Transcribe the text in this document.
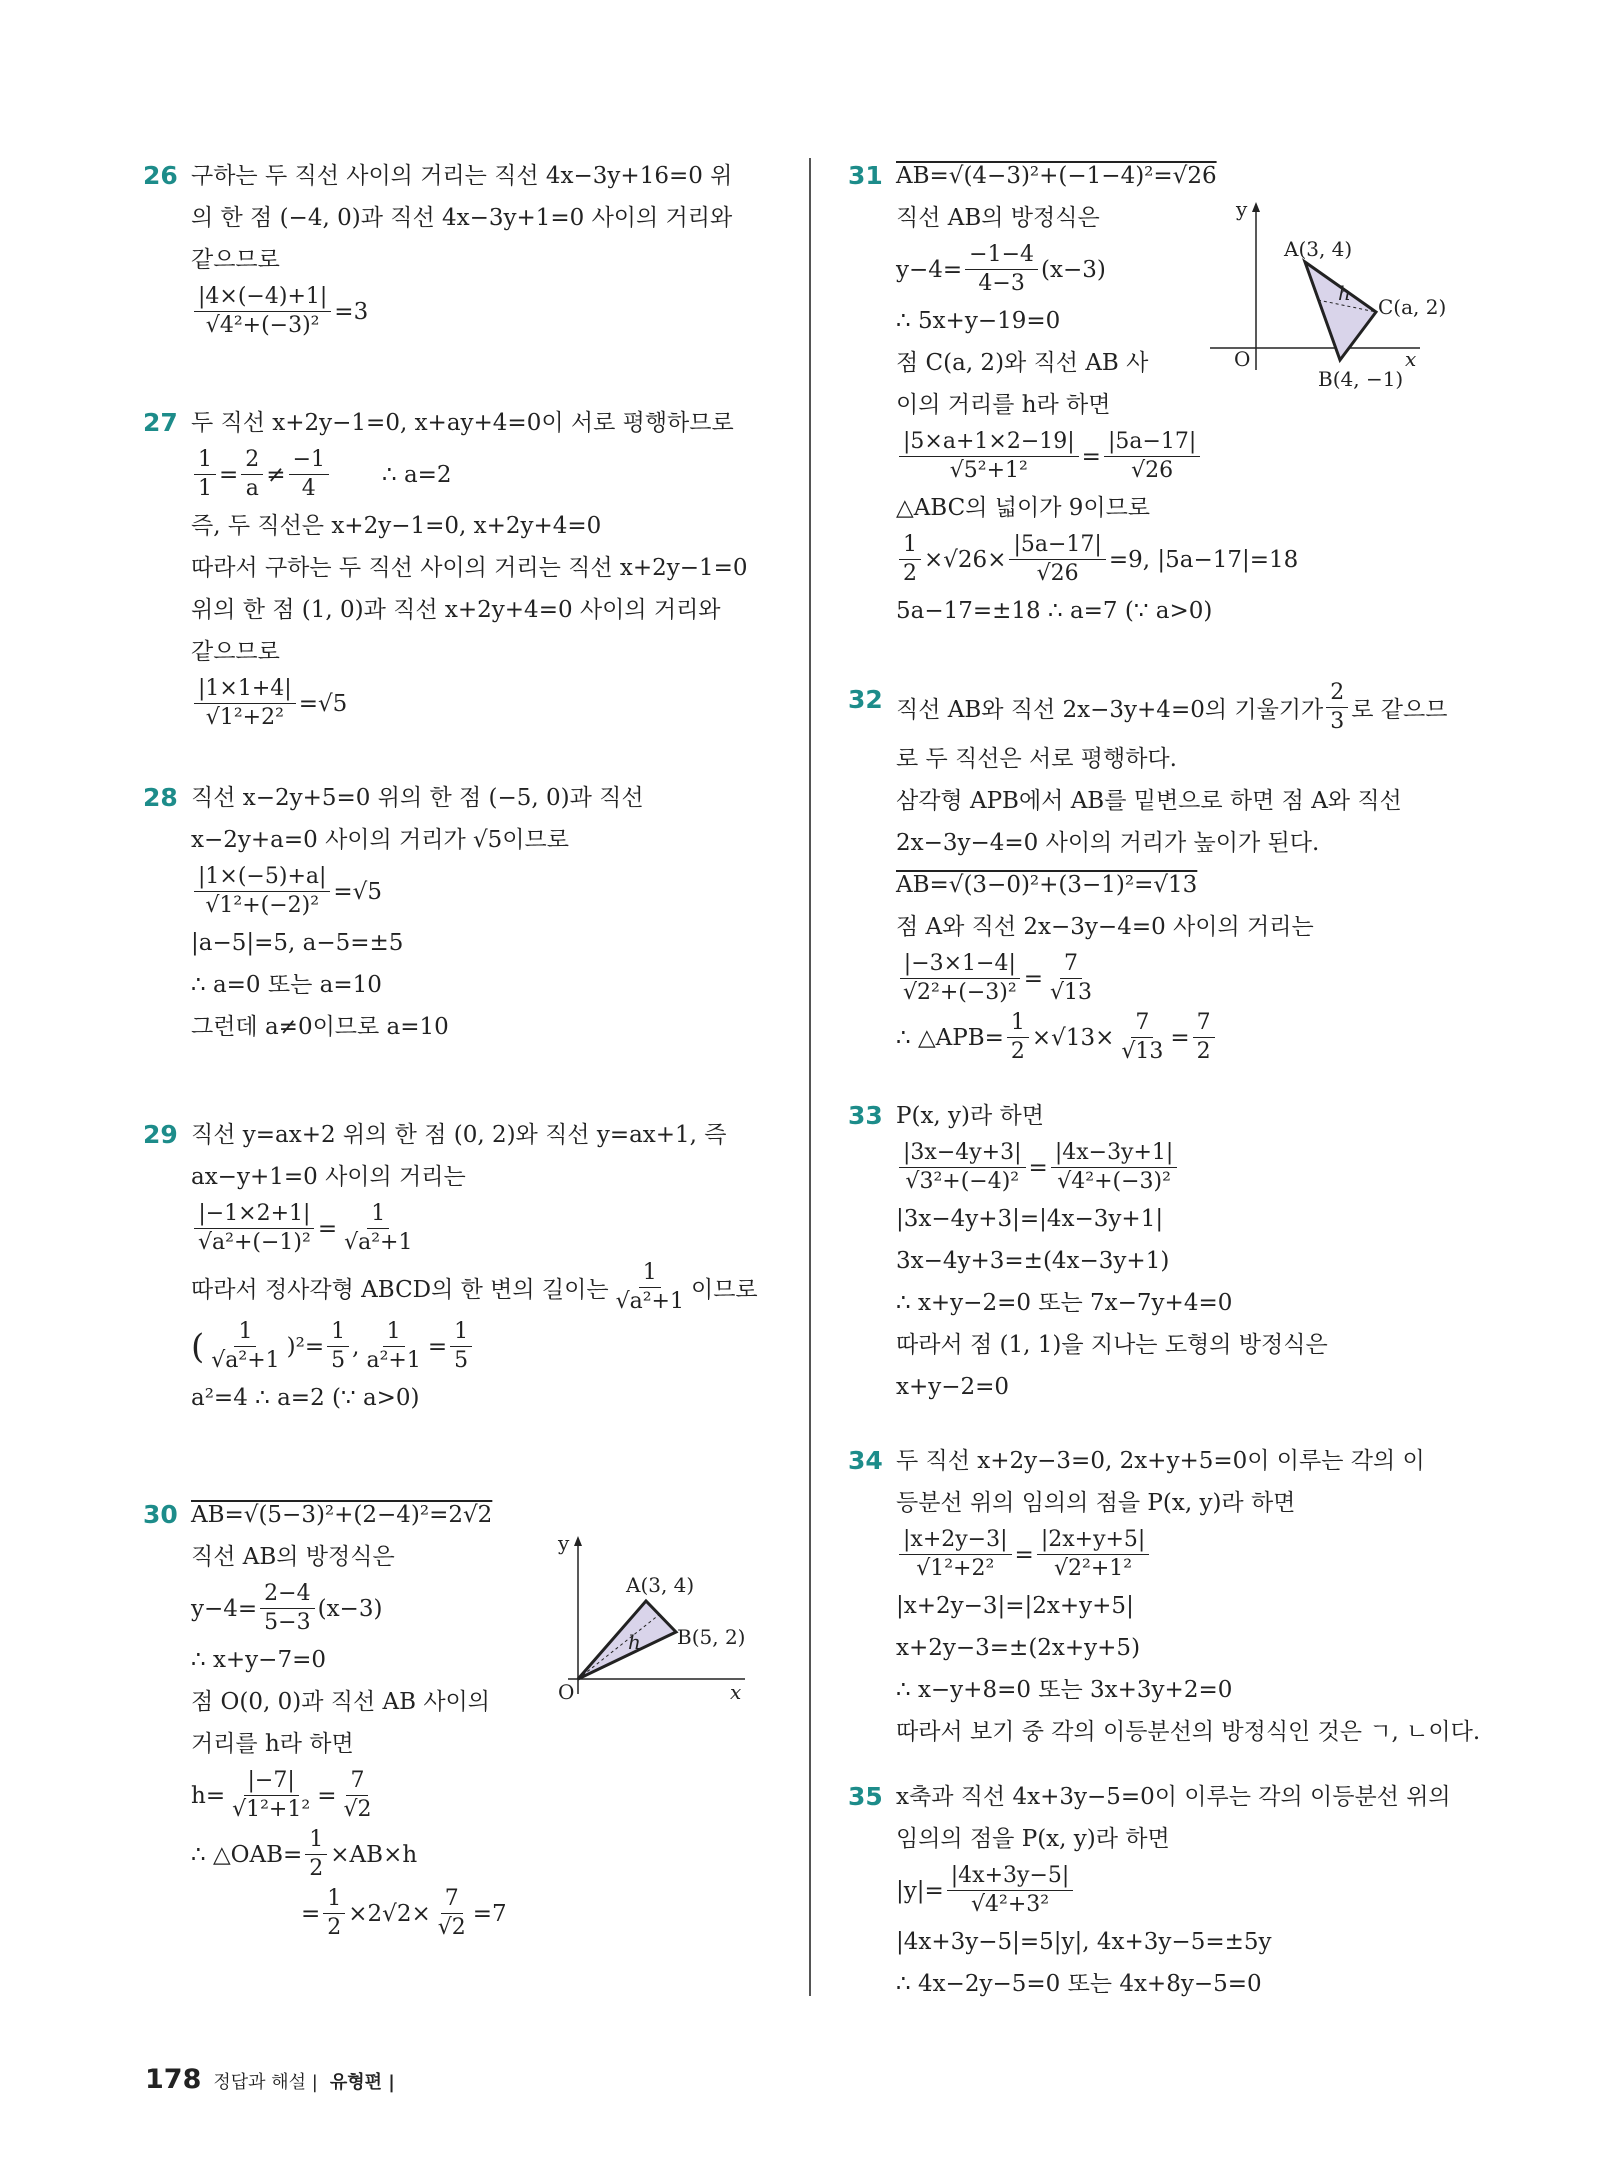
26 구하는 두 직선 사이의 거리는 직선 4x−3y+16=0 위
의 한 점 (−4, 0)과 직선 4x−3y+1=0 사이의 거리와
같으므로
$\frac{|4\times(-4)+1|}{\text{√4²+(−3)²}} =3$
27 두 직선 x+2y−1=0, x+ay+4=0이 서로 평행하므로
$\frac{1}{1} = \frac{2}{a} \ne \frac{-1}{4}$ ∴ a=2
즉, 두 직선은 x+2y−1=0, x+2y+4=0
따라서 구하는 두 직선 사이의 거리는 직선 x+2y−1=0
위의 한 점 (1, 0)과 직선 x+2y+4=0 사이의 거리와
같으므로
$\frac{|1\times 1+4|}{\text{√1²+2²}} =√5$
28 직선 x−2y+5=0 위의 한 점 (−5, 0)과 직선
x−2y+a=0 사이의 거리가 √5이므로
$\frac{|1\times(-5)+a|}{\text{√1²+(−2)²}} =√5$
|a−5|=5, a−5=±5
∴ a=0 또는 a=10
그런데 a≠0이므로 a=10
29 직선 y=ax+2 위의 한 점 (0, 2)와 직선 y=ax+1, 즉
ax−y+1=0 사이의 거리는
$\frac{|-1\times 2+1|}{\text{√a²+(−1)²}} = \frac{1}{\text{√a²+1}}$
따라서 정사각형 ABCD의 한 변의 길이는 $\frac{1}{\text{√a²+1}}$ 이므로
( $\frac{1}{\text{√a²+1}} )^2 = \frac{1}{5}$ , $\frac{1}{\text{a²+1}} = \frac{1}{5}$
a²=4 ∴ a=2 (∵ a>0)
30 AB=√(5−3)²+(2−4)²=2√2
직선 AB의 방정식은
$y-4= \frac{2-4}{5-3} (x-3)$
∴ x+y−7=0
점 O(0, 0)과 직선 AB 사이의
거리를 h라 하면
$h= \frac{|-7|}{\text{√1²+1²}} = \frac{7}{√2}$
∴ △OAB= $\frac{1}{2} \times AB\times h$
= $\frac{1}{2} \times 2√2\times \frac{7}{√2} =7$
y
O	x
A(3, 4)
B(5, 2)
h
31 AB=√(4−3)²+(−1−4)²=√26
직선 AB의 방정식은
$y-4= \frac{-1-4}{4-3} (x-3)$
∴ 5x+y−19=0
점 C(a, 2)와 직선 AB 사
이의 거리를 h라 하면
$\frac{|5\times a+1\times 2-19|}{\text{√5²+1²}} = \frac{|5a-17|}{√26}$
△ABC의 넓이가 9이므로
$\frac{1}{2} \times√26\times \frac{|5a-17|}{√26} =9$, |5a−17|=18
5a−17=±18 ∴ a=7 (∵ a>0)
y
O	x
A(3, 4)
B(4, −1)
C(a, 2)
h
32 직선 AB와 직선 2x−3y+4=0의 기울기가 $\frac{2}{3}$ 로 같으므
로 두 직선은 서로 평행하다.
삼각형 APB에서 AB를 밑변으로 하면 점 A와 직선
2x−3y−4=0 사이의 거리가 높이가 된다.
AB=√(3−0)²+(3−1)²=√13
점 A와 직선 2x−3y−4=0 사이의 거리는
$\frac{|-3\times 1-4|}{\text{√2²+(−3)²}} = \frac{7}{√13}$
∴ △APB= $\frac{1}{2} \times√13\times \frac{7}{√13} = \frac{7}{2}$
33 P(x, y)라 하면
$\frac{|3x-4y+3|}{\text{√3²+(−4)²}} = \frac{|4x-3y+1|}{\text{√4²+(−3)²}}$
|3x−4y+3|=|4x−3y+1|
3x−4y+3=±(4x−3y+1)
∴ x+y−2=0 또는 7x−7y+4=0
따라서 점 (1, 1)을 지나는 도형의 방정식은
x+y−2=0
34 두 직선 x+2y−3=0, 2x+y+5=0이 이루는 각의 이
등분선 위의 임의의 점을 P(x, y)라 하면
$\frac{|x+2y-3|}{\text{√1²+2²}} = \frac{|2x+y+5|}{\text{√2²+1²}}$
|x+2y−3|=|2x+y+5|
x+2y−3=±(2x+y+5)
∴ x−y+8=0 또는 3x+3y+2=0
따라서 보기 중 각의 이등분선의 방정식인 것은 ㄱ, ㄴ이다.
35 x축과 직선 4x+3y−5=0이 이루는 각의 이등분선 위의
임의의 점을 P(x, y)라 하면
$|y|= \frac{|4x+3y-5|}{\text{√4²+3²}}$
|4x+3y−5|=5|y|, 4x+3y−5=±5y
∴ 4x−2y−5=0 또는 4x+8y−5=0
178 정답과 해설 | 유형편 |
